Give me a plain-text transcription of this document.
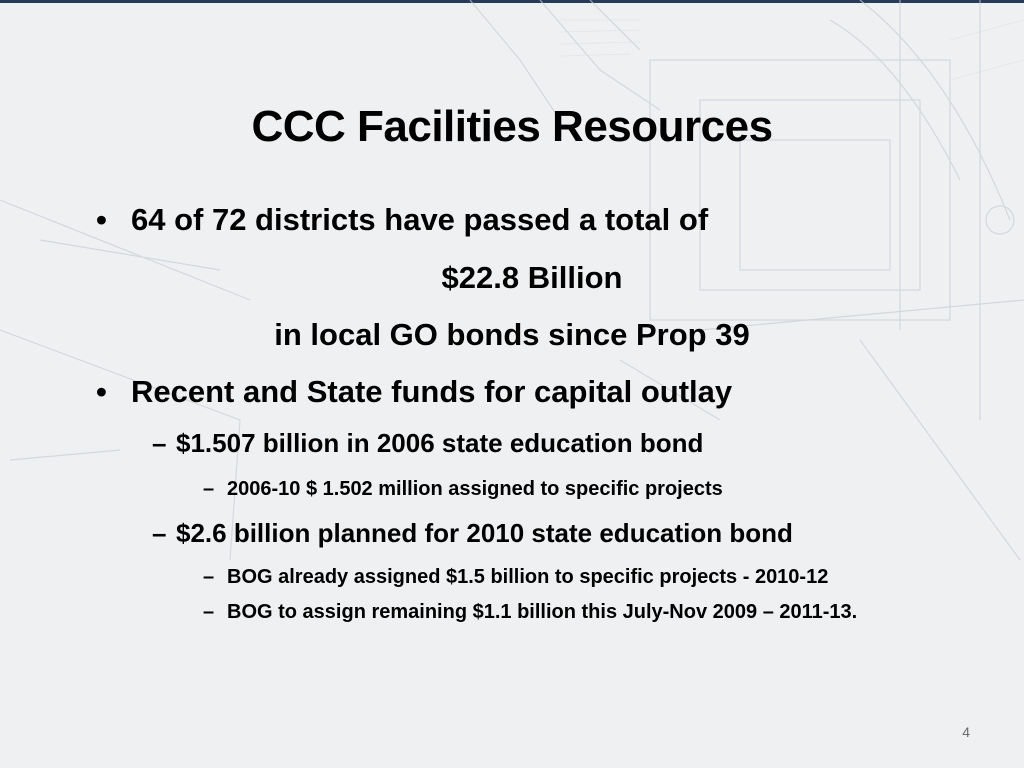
CCC Facilities Resources
• 64 of 72 districts have passed a total of
$22.8 Billion
in local GO bonds since Prop 39
• Recent and State funds for capital outlay
– $1.507 billion in 2006 state education bond
– 2006-10 $ 1.502 million assigned to specific projects
– $2.6 billion planned for 2010 state education bond
– BOG already assigned $1.5 billion to specific projects - 2010-12
– BOG to assign remaining $1.1 billion this July-Nov 2009 – 2011-13.
4
